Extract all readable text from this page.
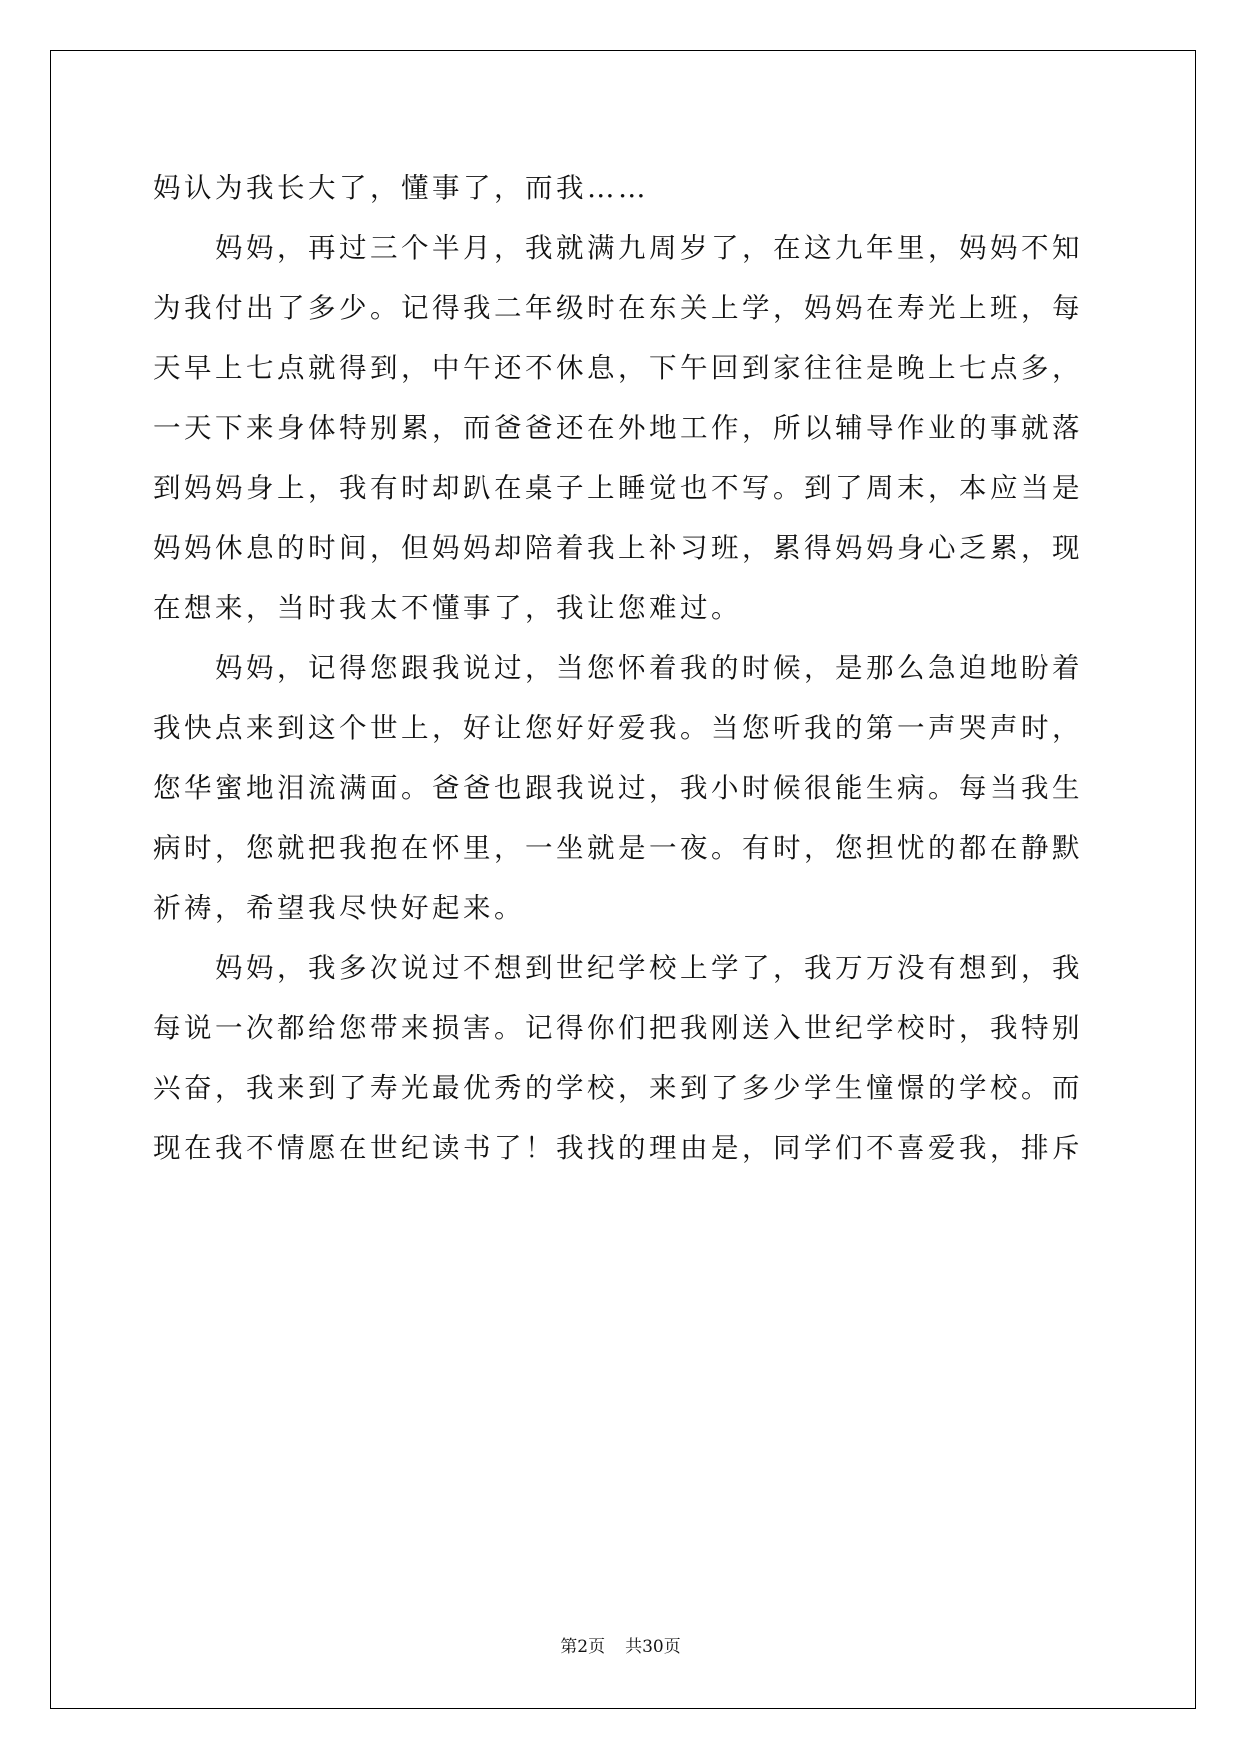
妈认为我长大了，懂事了，而我……
妈妈，再过三个半月，我就满九周岁了，在这九年里，妈妈不知
为我付出了多少。记得我二年级时在东关上学，妈妈在寿光上班，每
天早上七点就得到，中午还不休息，下午回到家往往是晚上七点多，
一天下来身体特别累，而爸爸还在外地工作，所以辅导作业的事就落
到妈妈身上，我有时却趴在桌子上睡觉也不写。到了周末，本应当是
妈妈休息的时间，但妈妈却陪着我上补习班，累得妈妈身心乏累，现
在想来，当时我太不懂事了，我让您难过。
妈妈，记得您跟我说过，当您怀着我的时候，是那么急迫地盼着
我快点来到这个世上，好让您好好爱我。当您听我的第一声哭声时，
您华蜜地泪流满面。爸爸也跟我说过，我小时候很能生病。每当我生
病时，您就把我抱在怀里，一坐就是一夜。有时，您担忧的都在静默
祈祷，希望我尽快好起来。
妈妈，我多次说过不想到世纪学校上学了，我万万没有想到，我
每说一次都给您带来损害。记得你们把我刚送入世纪学校时，我特别
兴奋，我来到了寿光最优秀的学校，来到了多少学生憧憬的学校。而
现在我不情愿在世纪读书了！我找的理由是，同学们不喜爱我，排斥
第2页 共30页
